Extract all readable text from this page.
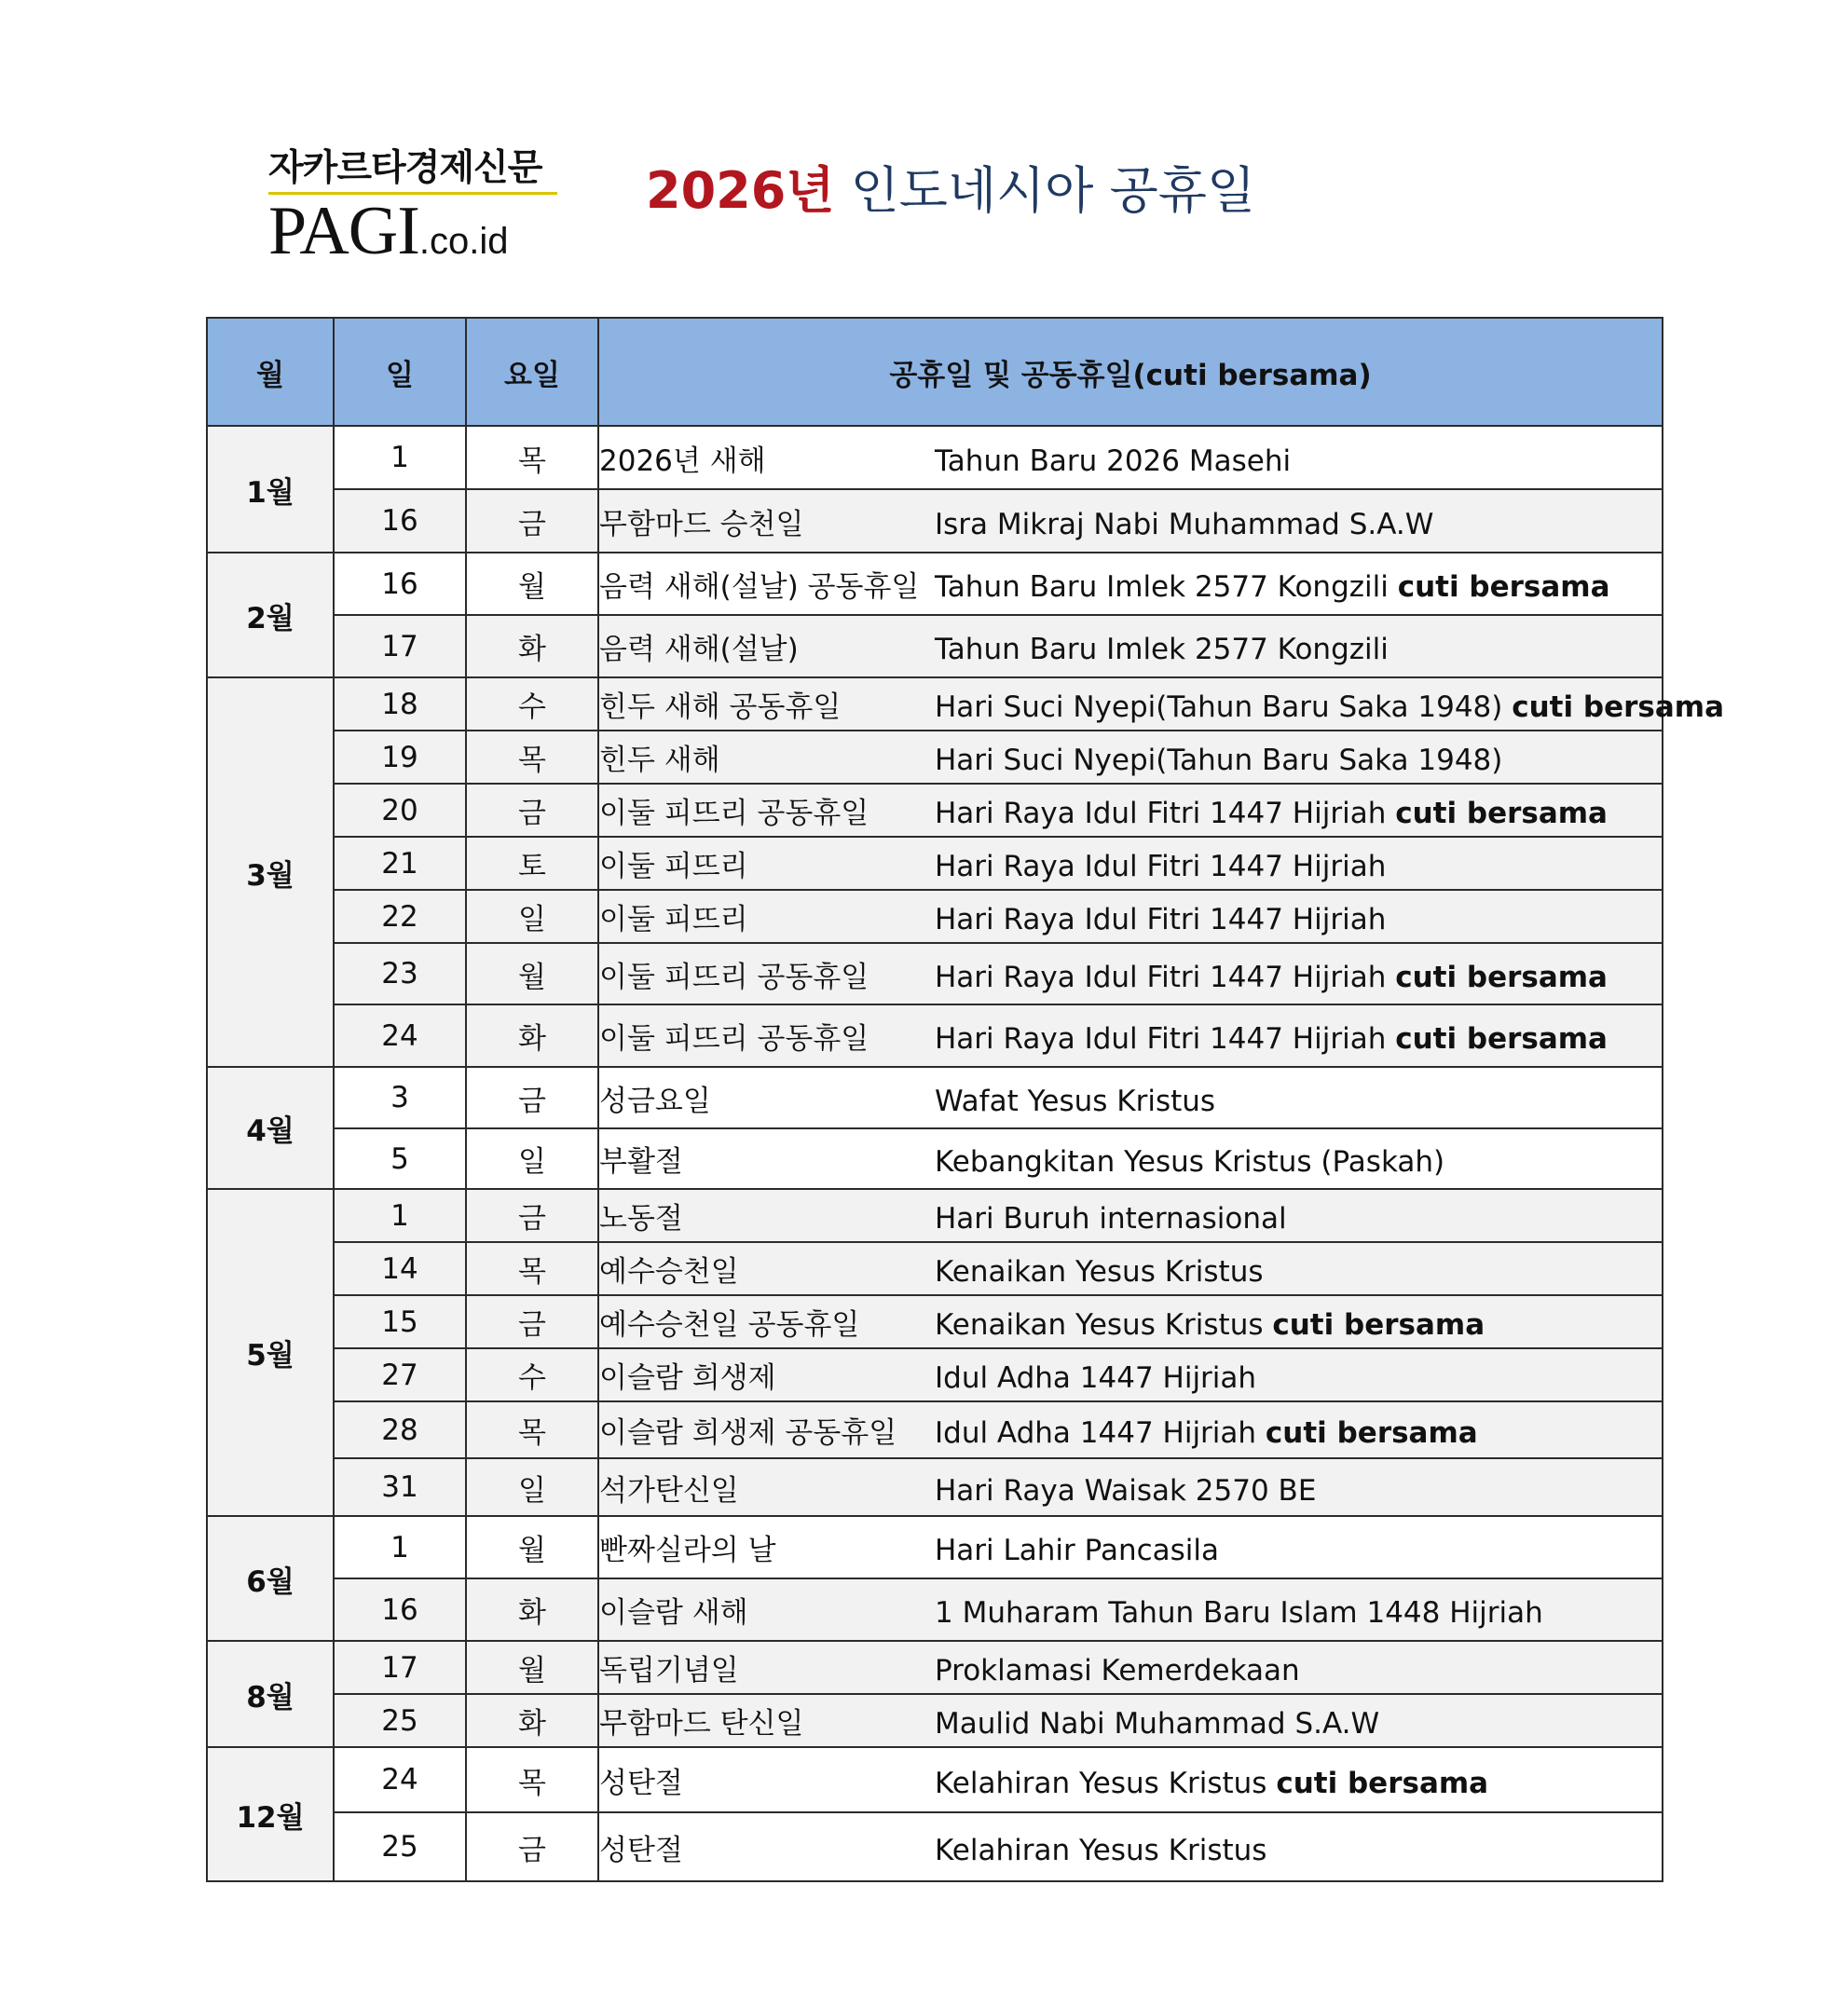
자카르타경제신문
PAGI.co.id
2026년 인도네시아 공휴일
월	일	요일	공휴일 및 공동휴일(cuti bersama)
1월	1	목	2026년 새해 Tahun Baru 2026 Masehi
	16	금	무함마드 승천일 Isra Mikraj Nabi Muhammad S.A.W
2월	16	월	음력 새해(설날) 공동휴일 Tahun Baru Imlek 2577 Kongzili cuti bersama
	17	화	음력 새해(설날) Tahun Baru Imlek 2577 Kongzili
3월	18	수	힌두 새해 공동휴일 Hari Suci Nyepi(Tahun Baru Saka 1948) cuti bersama
	19	목	힌두 새해 Hari Suci Nyepi(Tahun Baru Saka 1948)
	20	금	이둘 피뜨리 공동휴일 Hari Raya Idul Fitri 1447 Hijriah cuti bersama
	21	토	이둘 피뜨리 Hari Raya Idul Fitri 1447 Hijriah
	22	일	이둘 피뜨리 Hari Raya Idul Fitri 1447 Hijriah
	23	월	이둘 피뜨리 공동휴일 Hari Raya Idul Fitri 1447 Hijriah cuti bersama
	24	화	이둘 피뜨리 공동휴일 Hari Raya Idul Fitri 1447 Hijriah cuti bersama
4월	3	금	성금요일 Wafat Yesus Kristus
	5	일	부활절 Kebangkitan Yesus Kristus (Paskah)
5월	1	금	노동절 Hari Buruh internasional
	14	목	예수승천일 Kenaikan Yesus Kristus
	15	금	예수승천일 공동휴일 Kenaikan Yesus Kristus cuti bersama
	27	수	이슬람 희생제 Idul Adha 1447 Hijriah
	28	목	이슬람 희생제 공동휴일 Idul Adha 1447 Hijriah cuti bersama
	31	일	석가탄신일 Hari Raya Waisak 2570 BE
6월	1	월	빤짜실라의 날 Hari Lahir Pancasila
	16	화	이슬람 새해 1 Muharam Tahun Baru Islam 1448 Hijriah
8월	17	월	독립기념일 Proklamasi Kemerdekaan
	25	화	무함마드 탄신일 Maulid Nabi Muhammad S.A.W
12월	24	목	성탄절 Kelahiran Yesus Kristus cuti bersama
	25	금	성탄절 Kelahiran Yesus Kristus
